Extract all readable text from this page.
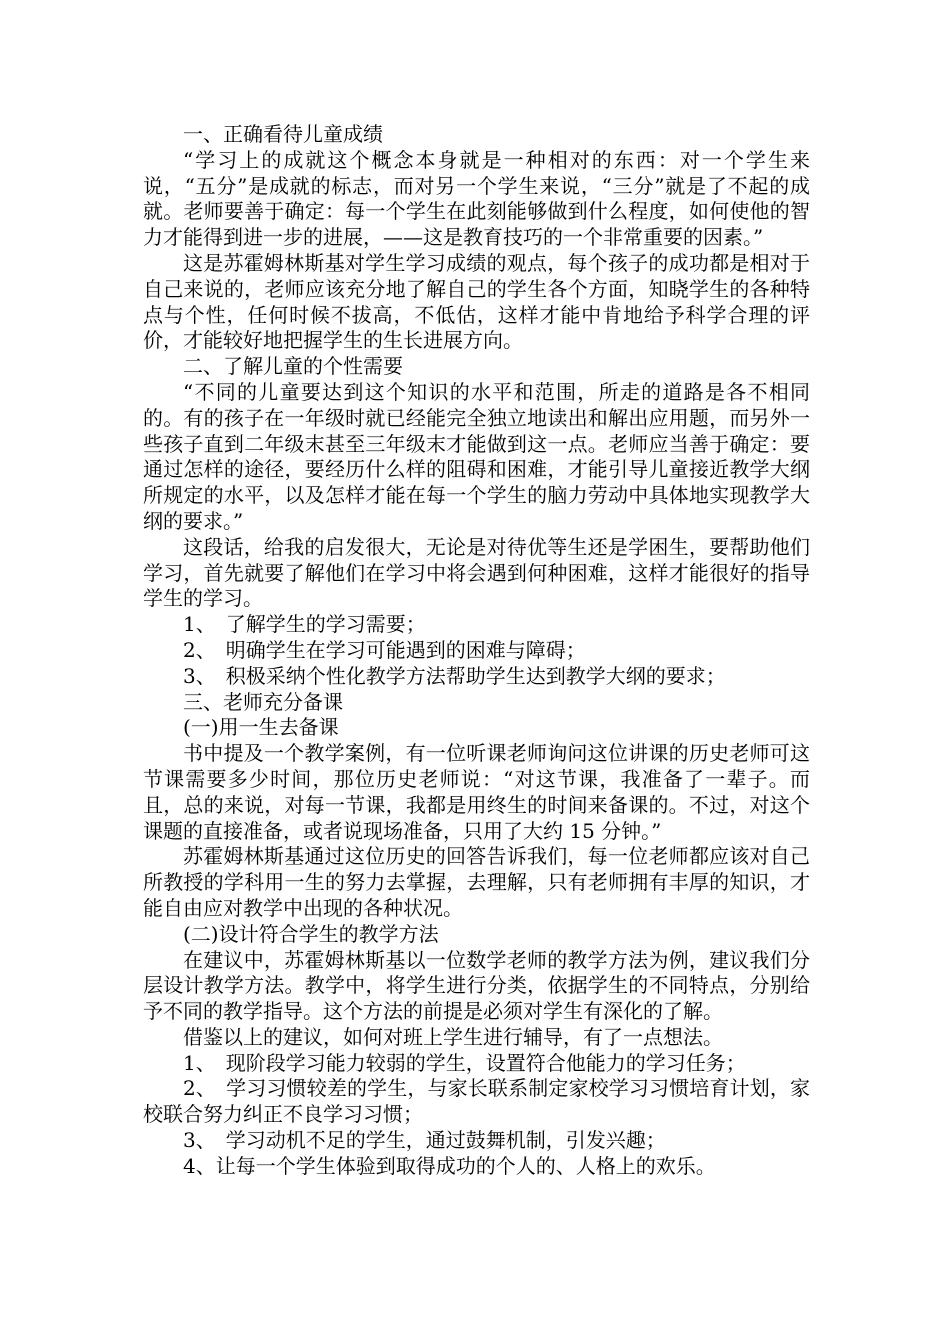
一、正确看待儿童成绩

“学习上的成就这个概念本身就是一种相对的东西：对一个学生来说，“五分”是成就的标志，而对另一个学生来说，“三分”就是了不起的成就。老师要善于确定：每一个学生在此刻能够做到什么程度，如何使他的智力才能得到进一步的进展，——这是教育技巧的一个非常重要的因素。”

这是苏霍姆林斯基对学生学习成绩的观点，每个孩子的成功都是相对于自己来说的，老师应该充分地了解自己的学生各个方面，知晓学生的各种特点与个性，任何时候不拔高，不低估，这样才能中肯地给予科学合理的评价，才能较好地把握学生的生长进展方向。

二、了解儿童的个性需要

“不同的儿童要达到这个知识的水平和范围，所走的道路是各不相同的。有的孩子在一年级时就已经能完全独立地读出和解出应用题，而另外一些孩子直到二年级末甚至三年级末才能做到这一点。老师应当善于确定：要通过怎样的途径，要经历什么样的阻碍和困难，才能引导儿童接近教学大纲所规定的水平，以及怎样才能在每一个学生的脑力劳动中具体地实现教学大纲的要求。”

这段话，给我的启发很大，无论是对待优等生还是学困生，要帮助他们学习，首先就要了解他们在学习中将会遇到何种困难，这样才能很好的指导学生的学习。

1、　了解学生的学习需要；

2、　明确学生在学习可能遇到的困难与障碍；

3、　积极采纳个性化教学方法帮助学生达到教学大纲的要求；

三、老师充分备课

(一)用一生去备课

书中提及一个教学案例，有一位听课老师询问这位讲课的历史老师可这节课需要多少时间，那位历史老师说：“对这节课，我准备了一辈子。而且，总的来说，对每一节课，我都是用终生的时间来备课的。不过，对这个课题的直接准备，或者说现场准备，只用了大约 15 分钟。”

苏霍姆林斯基通过这位历史的回答告诉我们，每一位老师都应该对自己所教授的学科用一生的努力去掌握，去理解，只有老师拥有丰厚的知识，才能自由应对教学中出现的各种状况。

(二)设计符合学生的教学方法

在建议中，苏霍姆林斯基以一位数学老师的教学方法为例，建议我们分层设计教学方法。教学中，将学生进行分类，依据学生的不同特点，分别给予不同的教学指导。这个方法的前提是必须对学生有深化的了解。

借鉴以上的建议，如何对班上学生进行辅导，有了一点想法。

1、　现阶段学习能力较弱的学生，设置符合他能力的学习任务；

2、　学习习惯较差的学生，与家长联系制定家校学习习惯培育计划，家校联合努力纠正不良学习习惯；

3、　学习动机不足的学生，通过鼓舞机制，引发兴趣；

4、让每一个学生体验到取得成功的个人的、人格上的欢乐。
